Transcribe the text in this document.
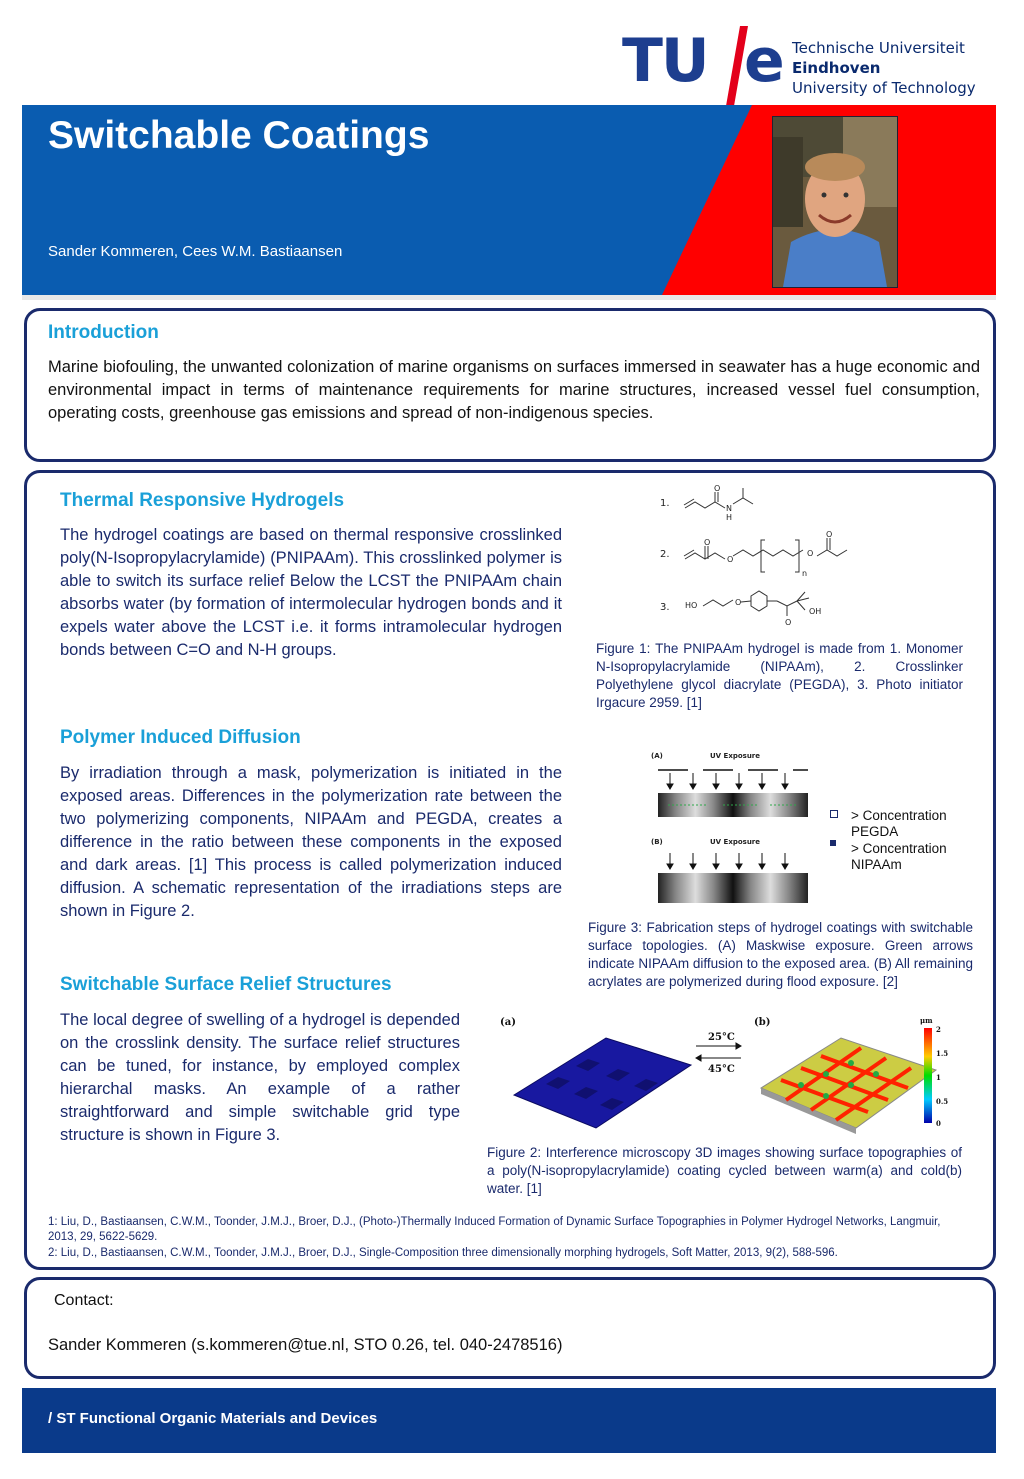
TU e Technische Universiteit
Eindhoven
University of Technology
Switchable Coatings
Sander Kommeren, Cees W.M. Bastiaansen
Introduction
Marine biofouling, the unwanted colonization of marine organisms on surfaces immersed in seawater has a huge economic and environmental impact in terms of maintenance requirements for marine structures, increased vessel fuel consumption, operating costs, greenhouse gas emissions and spread of non-indigenous species.
Thermal Responsive Hydrogels
The hydrogel coatings are based on thermal responsive crosslinked poly(N-Isopropylacrylamide) (PNIPAAm). This crosslinked polymer is able to switch its surface relief Below the LCST the PNIPAAm chain absorbs water (by formation of intermolecular hydrogen bonds and it expels water above the LCST i.e. it forms intramolecular hydrogen bonds between C=O and N-H groups.
1.
2.
3.
O
N
H
O
O
O
O
n
HO	O
O
OH
Figure 1: The PNIPAAm hydrogel is made from 1. Monomer N-Isopropylacrylamide (NIPAAm), 2. Crosslinker Polyethylene glycol diacrylate (PEGDA), 3. Photo initiator Irgacure 2959. [1]
Polymer Induced Diffusion
By irradiation through a mask, polymerization is initiated in the exposed areas. Differences in the polymerization rate between the two polymerizing components, NIPAAm and PEGDA, creates a difference in the ratio between these components in the exposed and dark areas. [1] This process is called polymerization induced diffusion. A schematic representation of the irradiations steps are shown in Figure 2.
(A)	UV Exposure
(B)	UV Exposure
> Concentration
PEGDA
> Concentration
NIPAAm
Figure 3: Fabrication steps of hydrogel coatings with switchable surface topologies. (A) Maskwise exposure. Green arrows indicate NIPAAm diffusion to the exposed area. (B) All remaining acrylates are polymerized during flood exposure. [2]
Switchable Surface Relief Structures
The local degree of swelling of a hydrogel is depended on the crosslink density. The surface relief structures can be tuned, for instance, by employed complex hierarchal masks. An example of a rather straightforward and simple switchable grid type structure is shown in Figure 3.
(a)	(b)
25°C
45°C
μm
2
1.5
1
0.5
0
Figure 2: Interference microscopy 3D images showing surface topographies of a poly(N-isopropylacrylamide) coating cycled between warm(a) and cold(b) water. [1]
1: Liu, D., Bastiaansen, C.W.M., Toonder, J.M.J., Broer, D.J., (Photo-)Thermally Induced Formation of Dynamic Surface Topographies in Polymer Hydrogel Networks, Langmuir, 2013, 29, 5622-5629.
2: Liu, D., Bastiaansen, C.W.M., Toonder, J.M.J., Broer, D.J., Single-Composition three dimensionally morphing hydrogels, Soft Matter, 2013, 9(2), 588-596.
Contact:
Sander Kommeren (s.kommeren@tue.nl, STO 0.26, tel. 040-2478516)
/ ST Functional Organic Materials and Devices
